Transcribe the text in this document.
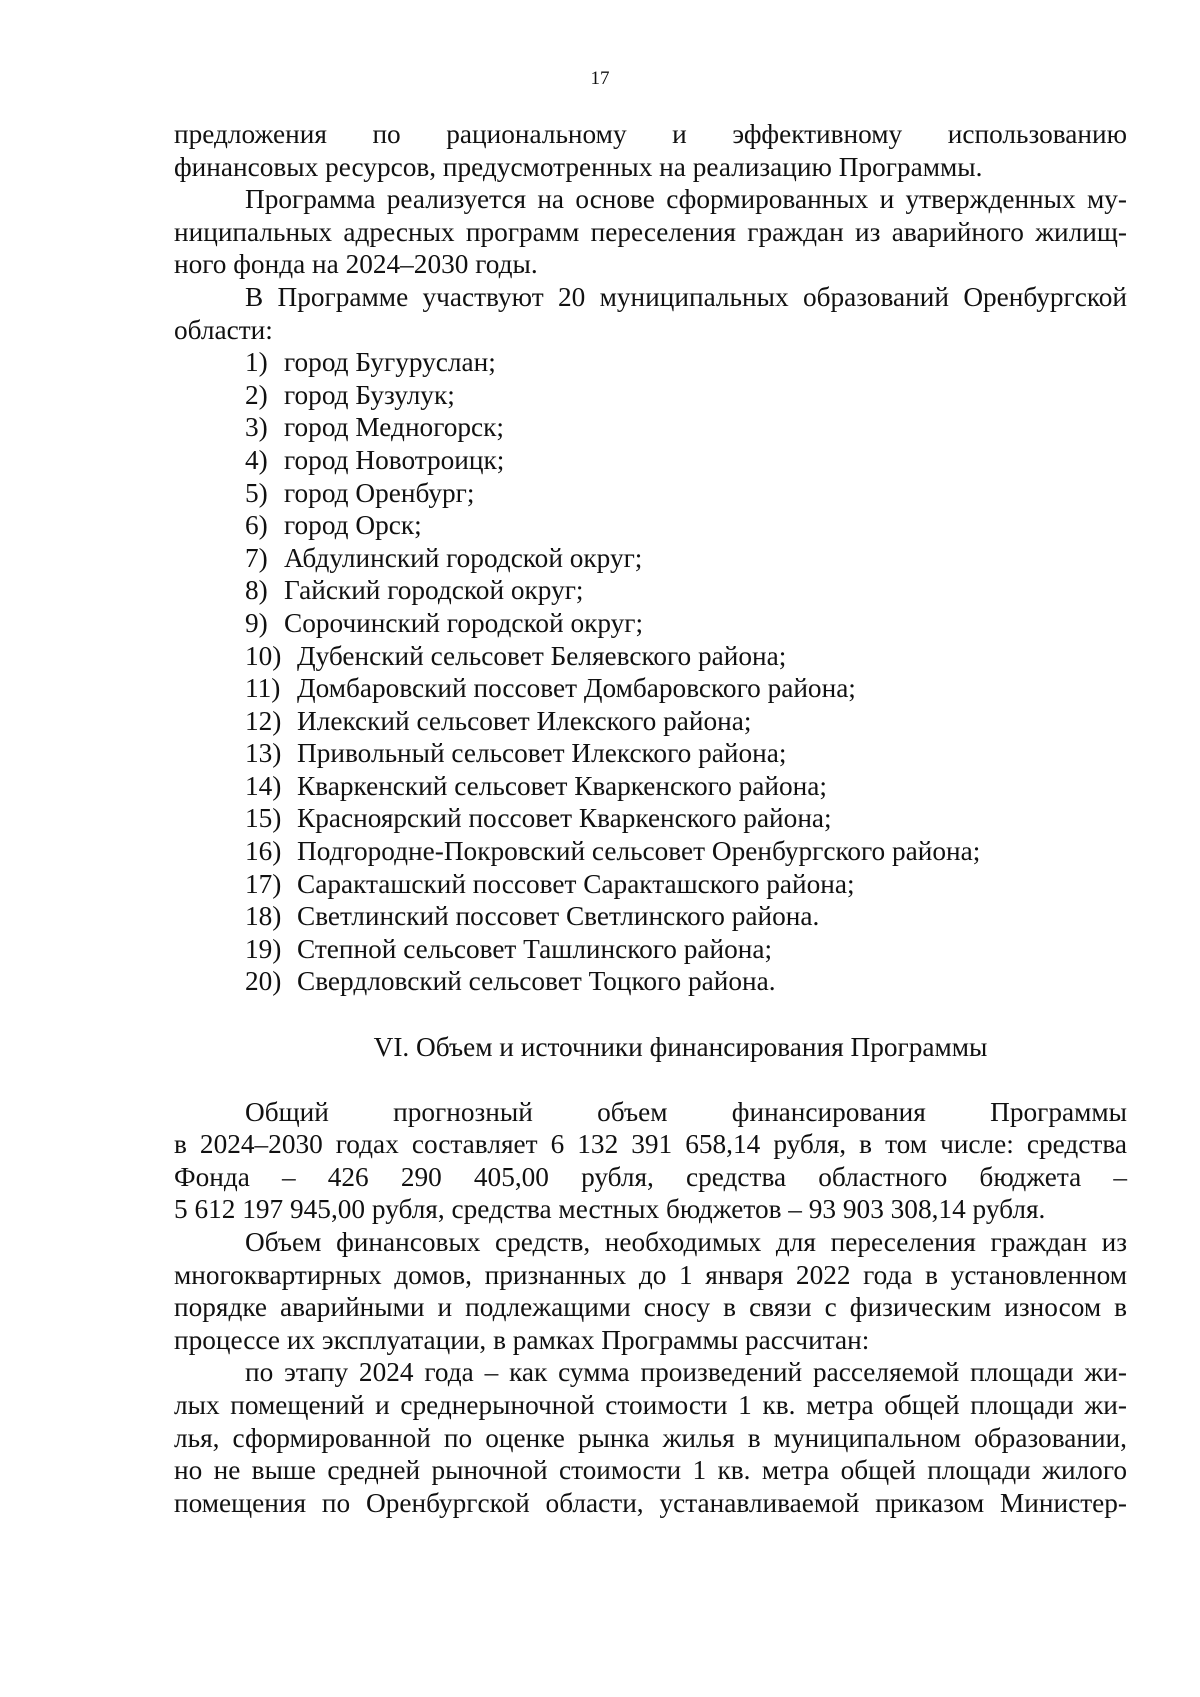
17

предложения по рациональному и эффективному использованию

финансовых ресурсов, предусмотренных на реализацию Программы.

Программа реализуется на основе сформированных и утвержденных му-

ниципальных адресных программ переселения граждан из аварийного жилищ-

ного фонда на 2024–2030 годы.

В Программе участвуют 20 муниципальных образований Оренбургской

области:

1) город Бугуруслан;
2) город Бузулук;
3) город Медногорск;
4) город Новотроицк;
5) город Оренбург;
6) город Орск;
7) Абдулинский городской округ;
8) Гайский городской округ;
9) Сорочинский городской округ;
10) Дубенский сельсовет Беляевского района;
11) Домбаровский поссовет Домбаровского района;
12) Илекский сельсовет Илекского района;
13) Привольный сельсовет Илекского района;
14) Кваркенский сельсовет Кваркенского района;
15) Красноярский поссовет Кваркенского района;
16) Подгородне-Покровский сельсовет Оренбургского района;
17) Саракташский поссовет Саракташского района;
18) Светлинский поссовет Светлинского района.
19) Степной сельсовет Ташлинского района;
20) Свердловский сельсовет Тоцкого района.

VI. Объем и источники финансирования Программы

Общий прогнозный объем финансирования Программы

в 2024–2030 годах составляет 6 132 391 658,14 рубля, в том числе: средства

Фонда – 426 290 405,00 рубля, средства областного бюджета –

5 612 197 945,00 рубля, средства местных бюджетов – 93 903 308,14 рубля.

Объем финансовых средств, необходимых для переселения граждан из

многоквартирных домов, признанных до 1 января 2022 года в установленном

порядке аварийными и подлежащими сносу в связи с физическим износом в

процессе их эксплуатации, в рамках Программы рассчитан:

по этапу 2024 года – как сумма произведений расселяемой площади жи-

лых помещений и среднерыночной стоимости 1 кв. метра общей площади жи-

лья, сформированной по оценке рынка жилья в муниципальном образовании,

но не выше средней рыночной стоимости 1 кв. метра общей площади жилого

помещения по Оренбургской области, устанавливаемой приказом Министер-
